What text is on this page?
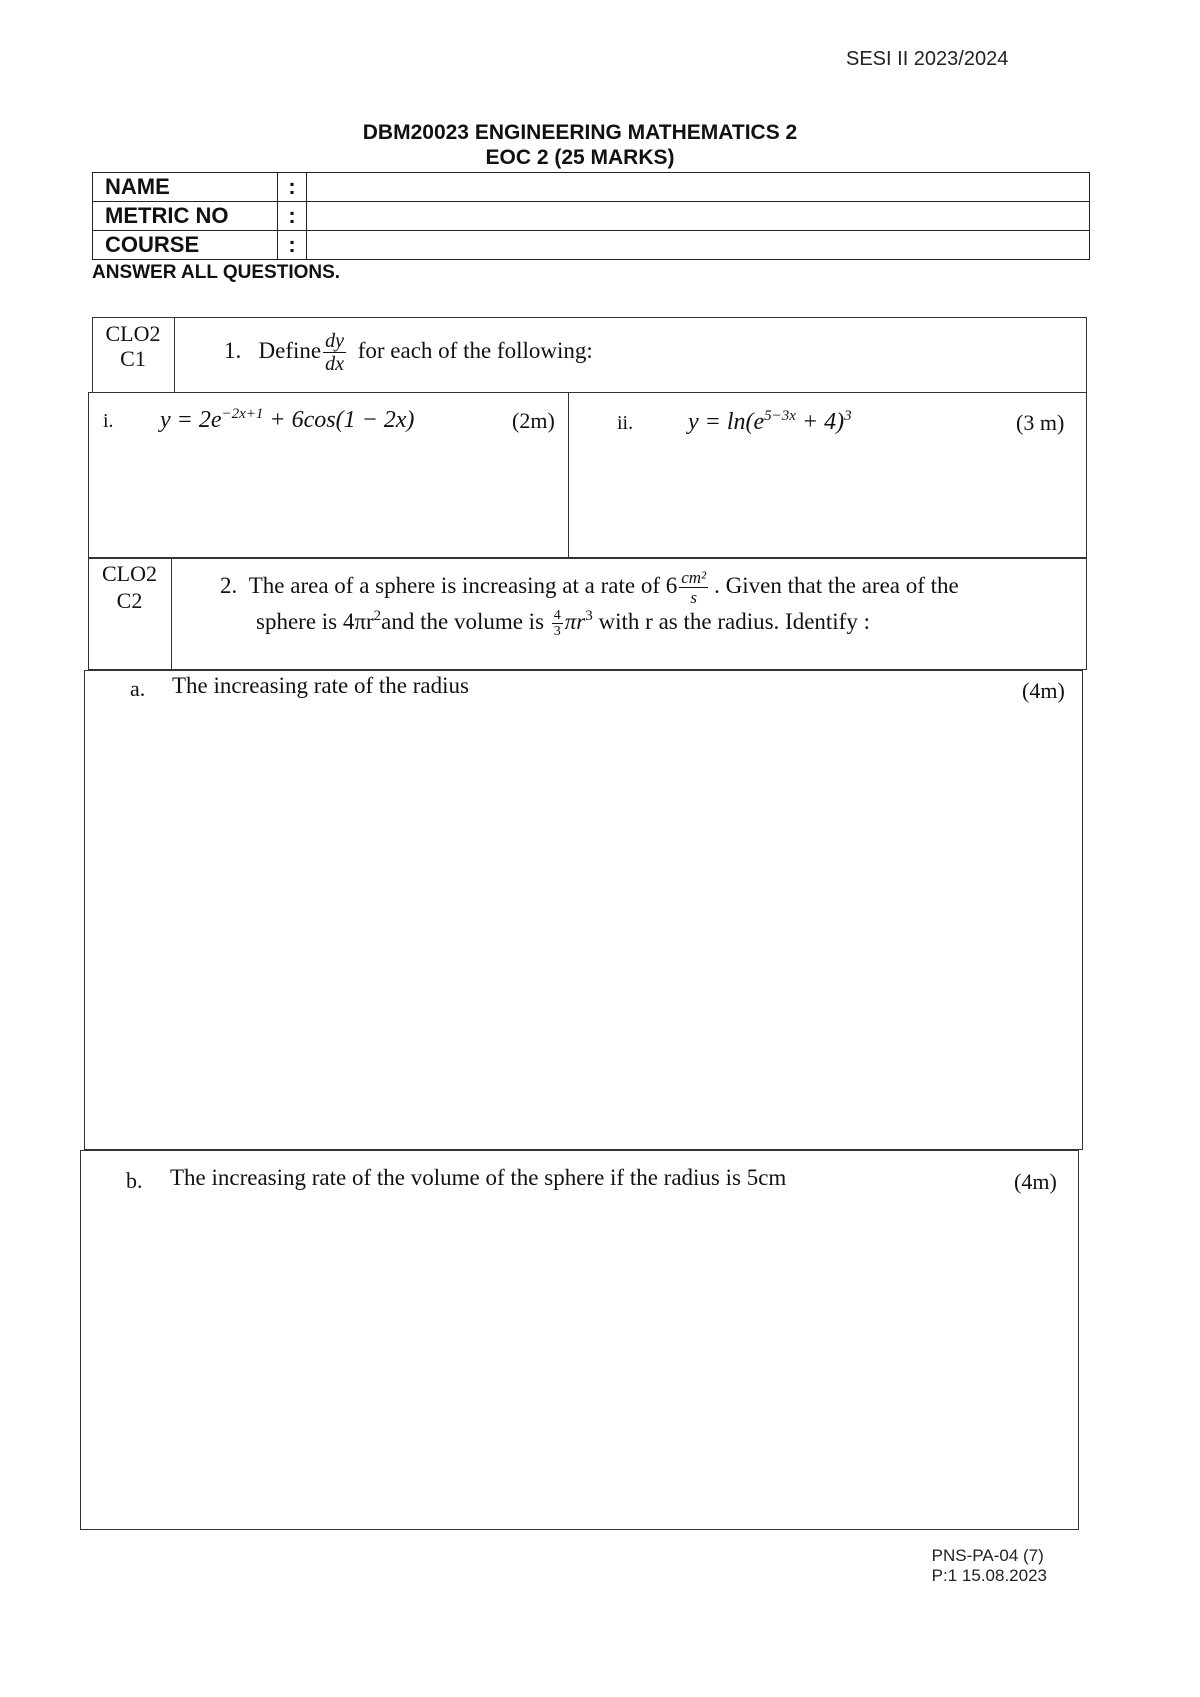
SESI II 2023/2024
DBM20023 ENGINEERING MATHEMATICS 2
EOC 2 (25 MARKS)
NAME	:
METRIC NO	:
COURSE	:
ANSWER ALL QUESTIONS.
CLO2
C1	1. Define $\frac{dy}{dx}$ for each of the following:
i. $y = 2e^{-2x+1} + 6\cos(1 - 2x)$	(2m)	ii. $y = \ln(e^{5-3x} + 4)^3$	(3 m)
CLO2
C2
2. The area of a sphere is increasing at a rate of $6 \frac{\text{cm²}}{s}$ . Given that the area of the
sphere is $4\pi r^2and$ the volume is $\frac{4}{3} \pi r^3$ with r as the radius. Identify :
a. The increasing rate of the radius	(4m)
b. The increasing rate of the volume of the sphere if the radius is 5cm	(4m)
PNS-PA-04 (7)
P:1 15.08.2023
